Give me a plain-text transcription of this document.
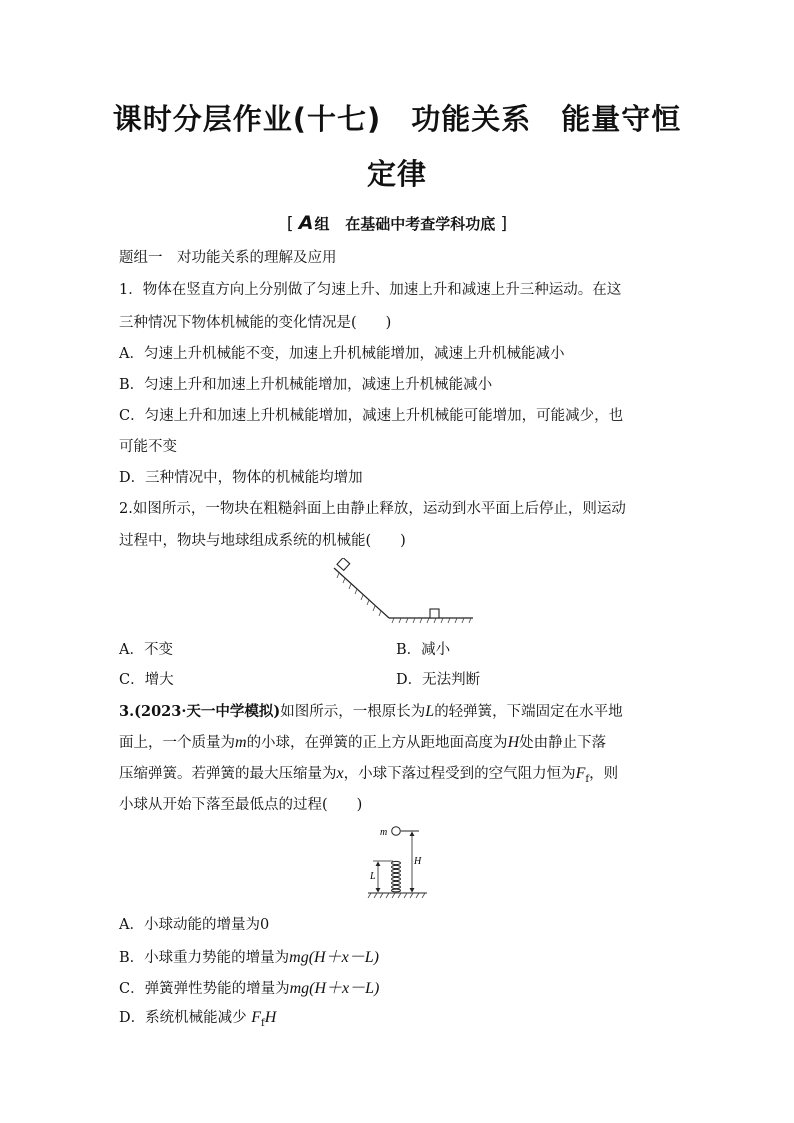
课时分层作业(十七)　功能关系　能量守恒
定律
[ A组 在基础中考查学科功底 ]
题组一　对功能关系的理解及应用
1．物体在竖直方向上分别做了匀速上升、加速上升和减速上升三种运动。在这
三种情况下物体机械能的变化情况是(　　)
A．匀速上升机械能不变，加速上升机械能增加，减速上升机械能减小
B．匀速上升和加速上升机械能增加，减速上升机械能减小
C．匀速上升和加速上升机械能增加，减速上升机械能可能增加，可能减少，也
可能不变
D．三种情况中，物体的机械能均增加
2.如图所示，一物块在粗糙斜面上由静止释放，运动到水平面上后停止，则运动
过程中，物块与地球组成系统的机械能(　　)
A．不变	B．减小
C．增大	D．无法判断
3.(2023·天一中学模拟)如图所示，一根原长为L的轻弹簧，下端固定在水平地
面上，一个质量为m的小球，在弹簧的正上方从距地面高度为H处由静止下落
压缩弹簧。若弹簧的最大压缩量为x，小球下落过程受到的空气阻力恒为$F_f$，则
小球从开始下落至最低点的过程(　　)
m
H
L
A．小球动能的增量为0
B．小球重力势能的增量为mg(H＋x－L)
C．弹簧弹性势能的增量为mg(H＋x－L)
D．系统机械能减少 $F_fH$
